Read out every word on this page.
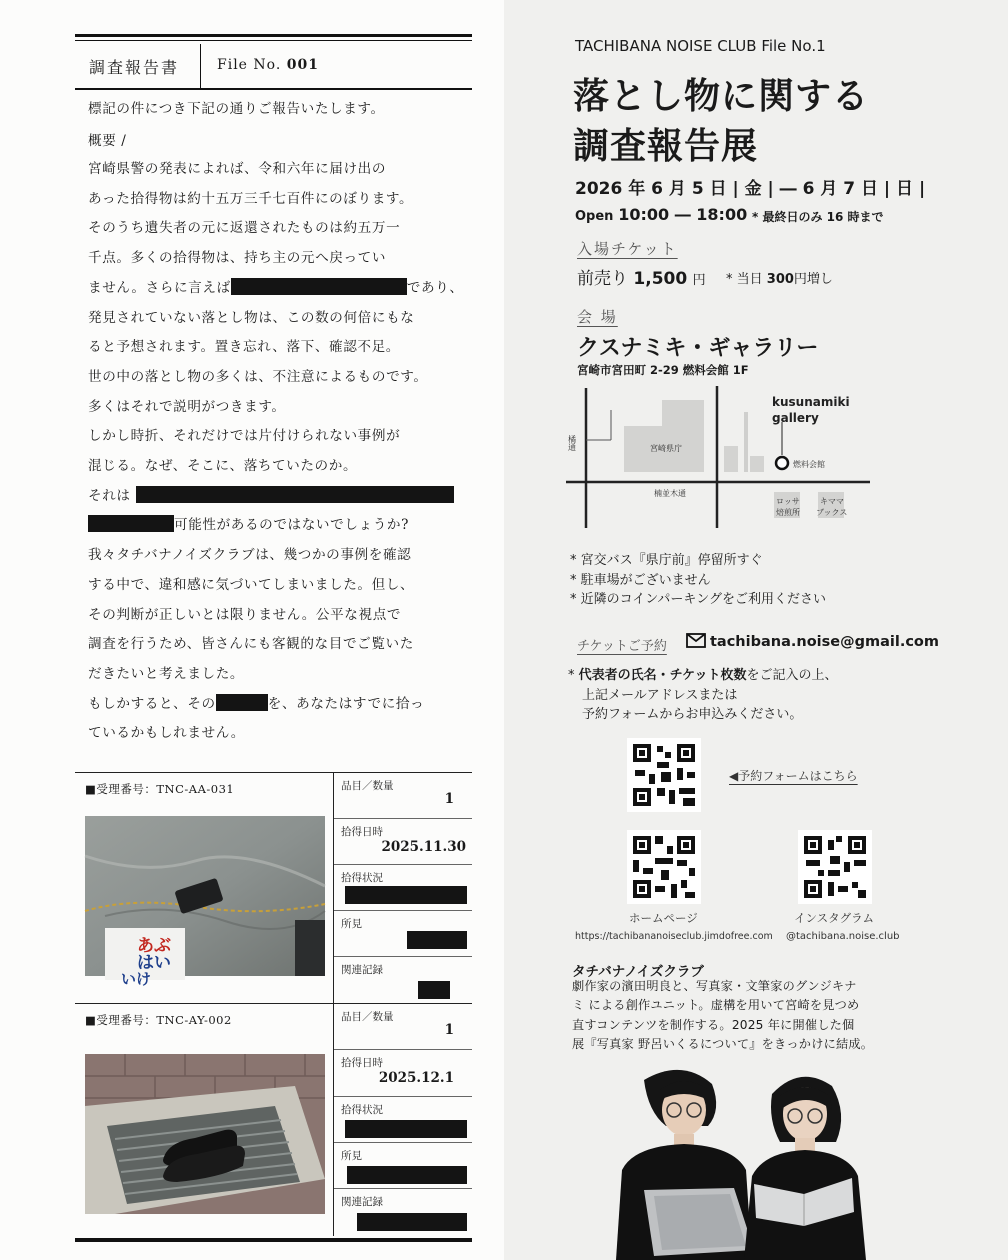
調査報告書	File No. 001
標記の件につき下記の通りご報告いたします。
概要 /
宮崎県警の発表によれば、令和六年に届け出の
あった拾得物は約十五万三千七百件にのぼります。
そのうち遺失者の元に返還されたものは約五万一
千点。多くの拾得物は、持ち主の元へ戻ってい
ません。さらに言えば	であり、
発見されていない落とし物は、この数の何倍にもな
ると予想されます。置き忘れ、落下、確認不足。
世の中の落とし物の多くは、不注意によるものです。
多くはそれで説明がつきます。
しかし時折、それだけでは片付けられない事例が
混じる。なぜ、そこに、落ちていたのか。
それは
可能性があるのではないでしょうか?
我々タチバナノイズクラブは、幾つかの事例を確認
する中で、違和感に気づいてしまいました。但し、
その判断が正しいとは限りません。公平な視点で
調査を行うため、皆さんにも客観的な目でご覧いた
だきたいと考えました。
もしかすると、その	を、あなたはすでに拾っ
ているかもしれません。
■受理番号：TNC-AA-031
あぶ
はい
いけ
品目／数量
1
拾得日時
2025.11.30
拾得状況
所見
関連記録
■受理番号：TNC-AY-002	品目／数量
1
拾得日時
2025.12.1
拾得状況
所見
関連記録
TACHIBANA NOISE CLUB File No.1
落とし物に関する
調査報告展
2026 年 6 月 5 日 | 金 | ― 6 月 7 日 | 日 |
Open 10:00 ― 18:00 * 最終日のみ 16 時まで
入場チケット
前売り 1,500 円 * 当日 300円増し
会 場
クスナミキ・ギャラリー
宮崎市宮田町 2-29 燃料会館 1F
kusunamiki
gallery
宮崎県庁
燃料会館
楠並木通
橘通
ロッサ
焙煎所
キママ
ブックス
* 宮交バス『県庁前』停留所すぐ
* 駐車場がございません
* 近隣のコインパーキングをご利用ください
チケットご予約	tachibana.noise@gmail.com
* 代表者の氏名・チケット枚数をご記入の上、
上記メールアドレスまたは
予約フォームからお申込みください。
◀予約フォームはこちら
ホームページ
https://tachibananoiseclub.jimdofree.com
インスタグラム
@tachibana.noise.club
タチバナノイズクラブ
劇作家の濱田明良と、写真家・文筆家のグンジキナ
ミ による創作ユニット。虚構を用いて宮崎を見つめ
直すコンテンツを制作する。2025 年に開催した個
展『写真家 野呂いくるについて』をきっかけに結成。
